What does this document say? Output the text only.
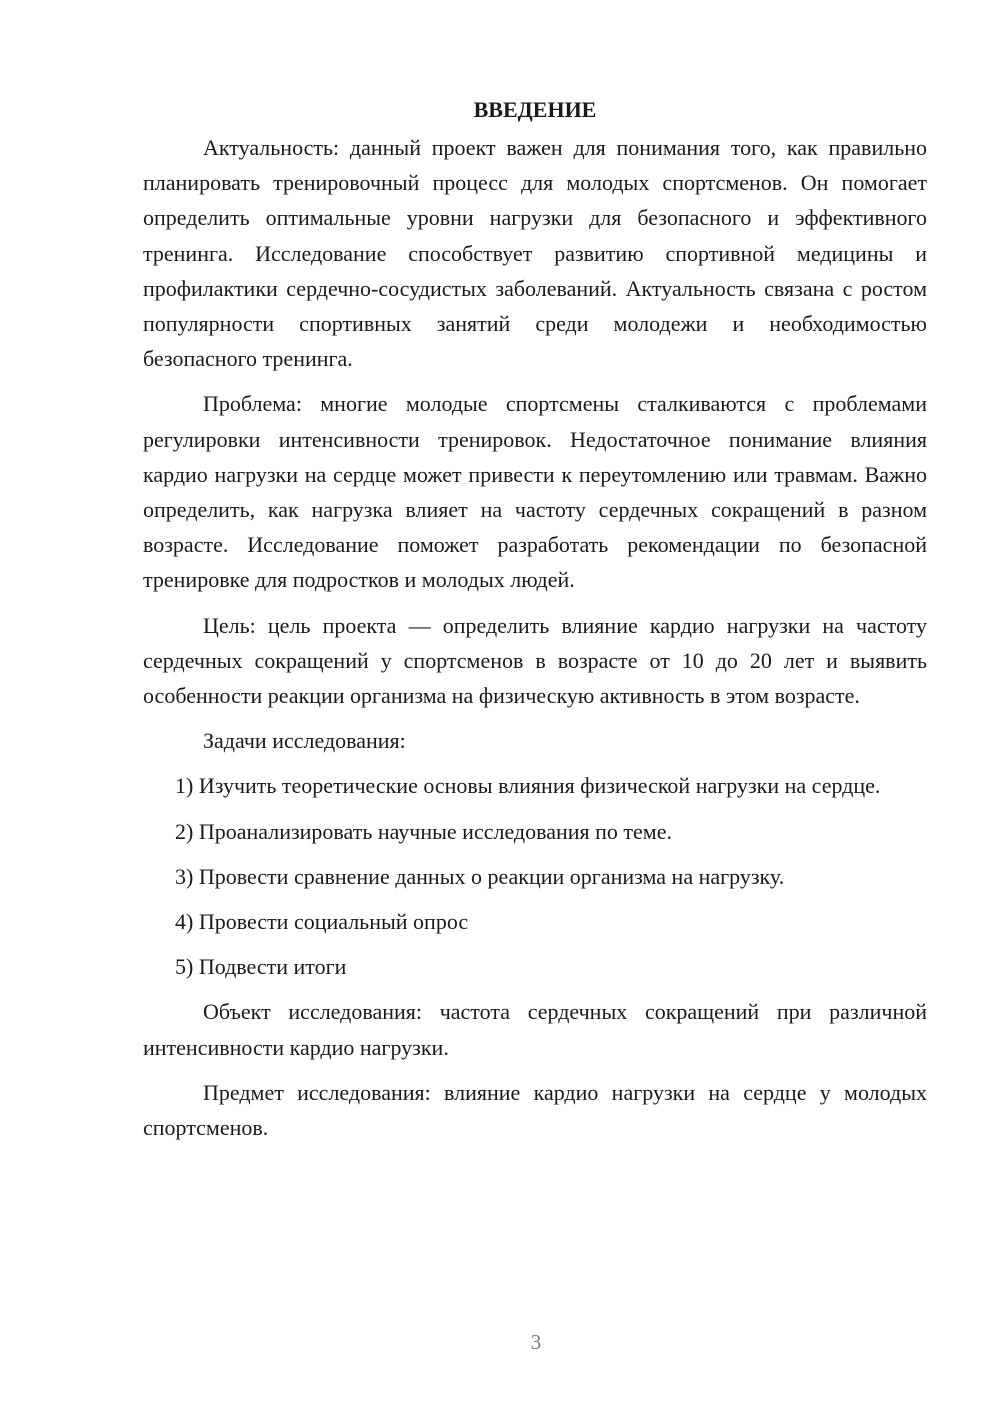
ВВЕДЕНИЕ

Актуальность: данный проект важен для понимания того, как правильно планировать тренировочный процесс для молодых спортсменов. Он помогает определить оптимальные уровни нагрузки для безопасного и эффективного тренинга. Исследование способствует развитию спортивной медицины и профилактики сердечно-сосудистых заболеваний. Актуальность связана с ростом популярности спортивных занятий среди молодежи и необходимостью безопасного тренинга.

Проблема: многие молодые спортсмены сталкиваются с проблемами регулировки интенсивности тренировок. Недостаточное понимание влияния кардио нагрузки на сердце может привести к переутомлению или травмам. Важно определить, как нагрузка влияет на частоту сердечных сокращений в разном возрасте. Исследование поможет разработать рекомендации по безопасной тренировке для подростков и молодых людей.

Цель: цель проекта — определить влияние кардио нагрузки на частоту сердечных сокращений у спортсменов в возрасте от 10 до 20 лет и выявить особенности реакции организма на физическую активность в этом возрасте.

Задачи исследования:

1) Изучить теоретические основы влияния физической нагрузки на сердце.

2) Проанализировать научные исследования по теме.

3) Провести сравнение данных о реакции организма на нагрузку.

4) Провести социальный опрос

5) Подвести итоги

Объект исследования: частота сердечных сокращений при различной интенсивности кардио нагрузки.

Предмет исследования: влияние кардио нагрузки на сердце у молодых спортсменов.

3
